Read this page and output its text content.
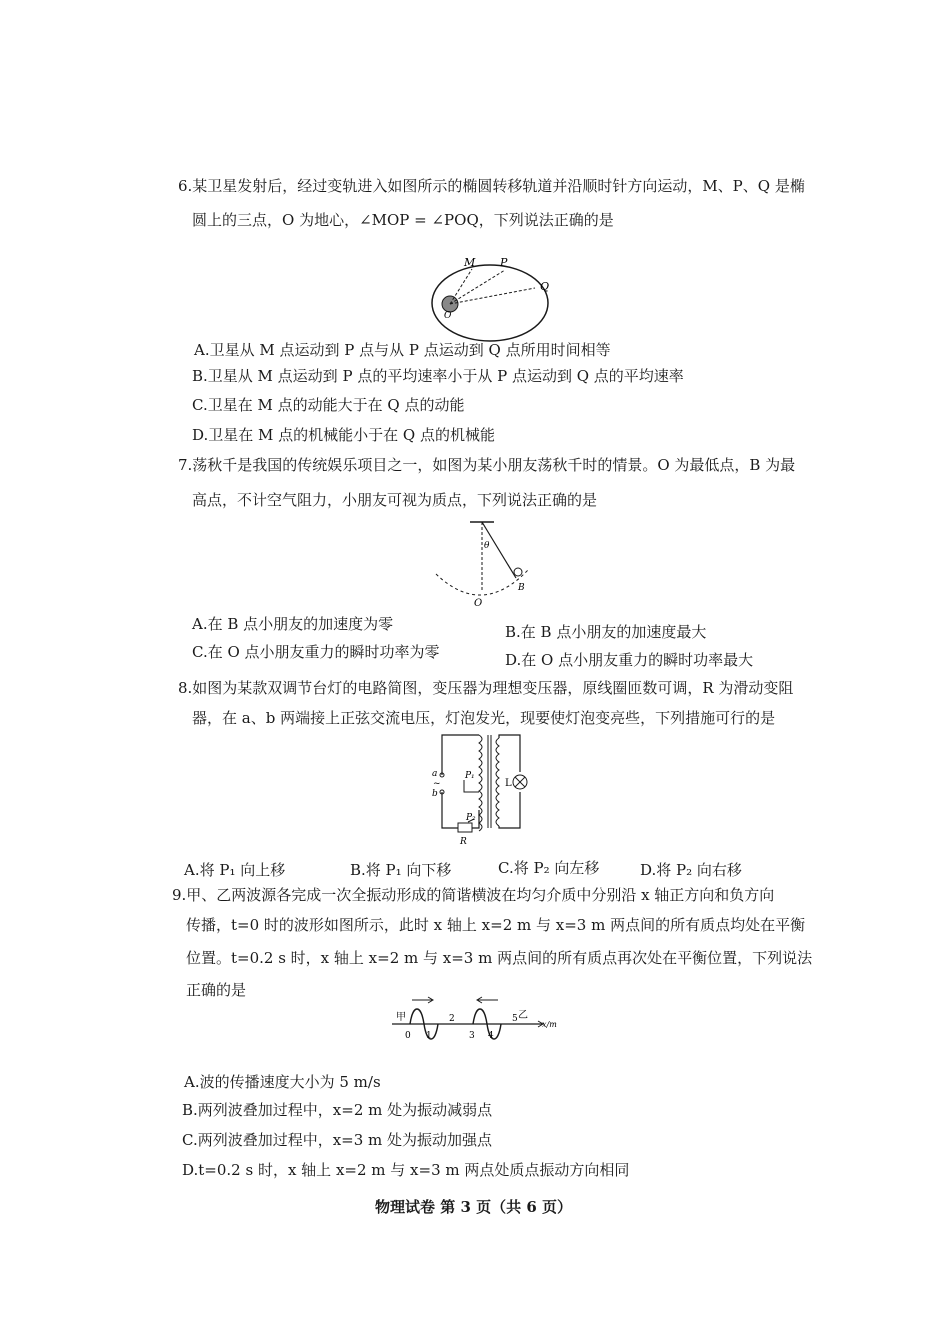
6.某卫星发射后，经过变轨进入如图所示的椭圆转移轨道并沿顺时针方向运动，M、P、Q 是椭
圆上的三点，O 为地心，∠MOP = ∠POQ，下列说法正确的是
M P
Q
O
A.卫星从 M 点运动到 P 点与从 P 点运动到 Q 点所用时间相等
B.卫星从 M 点运动到 P 点的平均速率小于从 P 点运动到 Q 点的平均速率
C.卫星在 M 点的动能大于在 Q 点的动能
D.卫星在 M 点的机械能小于在 Q 点的机械能
7.荡秋千是我国的传统娱乐项目之一，如图为某小朋友荡秋千时的情景。O 为最低点，B 为最
高点，不计空气阻力，小朋友可视为质点，下列说法正确的是
θ
O
B
A.在 B 点小朋友的加速度为零	B.在 B 点小朋友的加速度最大
C.在 O 点小朋友重力的瞬时功率为零	D.在 O 点小朋友重力的瞬时功率最大
8.如图为某款双调节台灯的电路简图，变压器为理想变压器，原线圈匝数可调，R 为滑动变阻
器，在 a、b 两端接上正弦交流电压，灯泡发光，现要使灯泡变亮些，下列措施可行的是
a
~
b
P₁
P₂
R
L
A.将 P₁ 向上移	B.将 P₁ 向下移	C.将 P₂ 向左移	D.将 P₂ 向右移
9.甲、乙两波源各完成一次全振动形成的简谐横波在均匀介质中分别沿 x 轴正方向和负方向
传播，t=0 时的波形如图所示，此时 x 轴上 x=2 m 与 x=3 m 两点间的所有质点均处在平衡
位置。t=0.2 s 时，x 轴上 x=2 m 与 x=3 m 两点间的所有质点再次处在平衡位置，下列说法
正确的是
甲	乙
x/m
0 1
2
3 4
5
A.波的传播速度大小为 5 m/s
B.两列波叠加过程中，x=2 m 处为振动减弱点
C.两列波叠加过程中，x=3 m 处为振动加强点
D.t=0.2 s 时，x 轴上 x=2 m 与 x=3 m 两点处质点振动方向相同
物理试卷 第 3 页（共 6 页）
